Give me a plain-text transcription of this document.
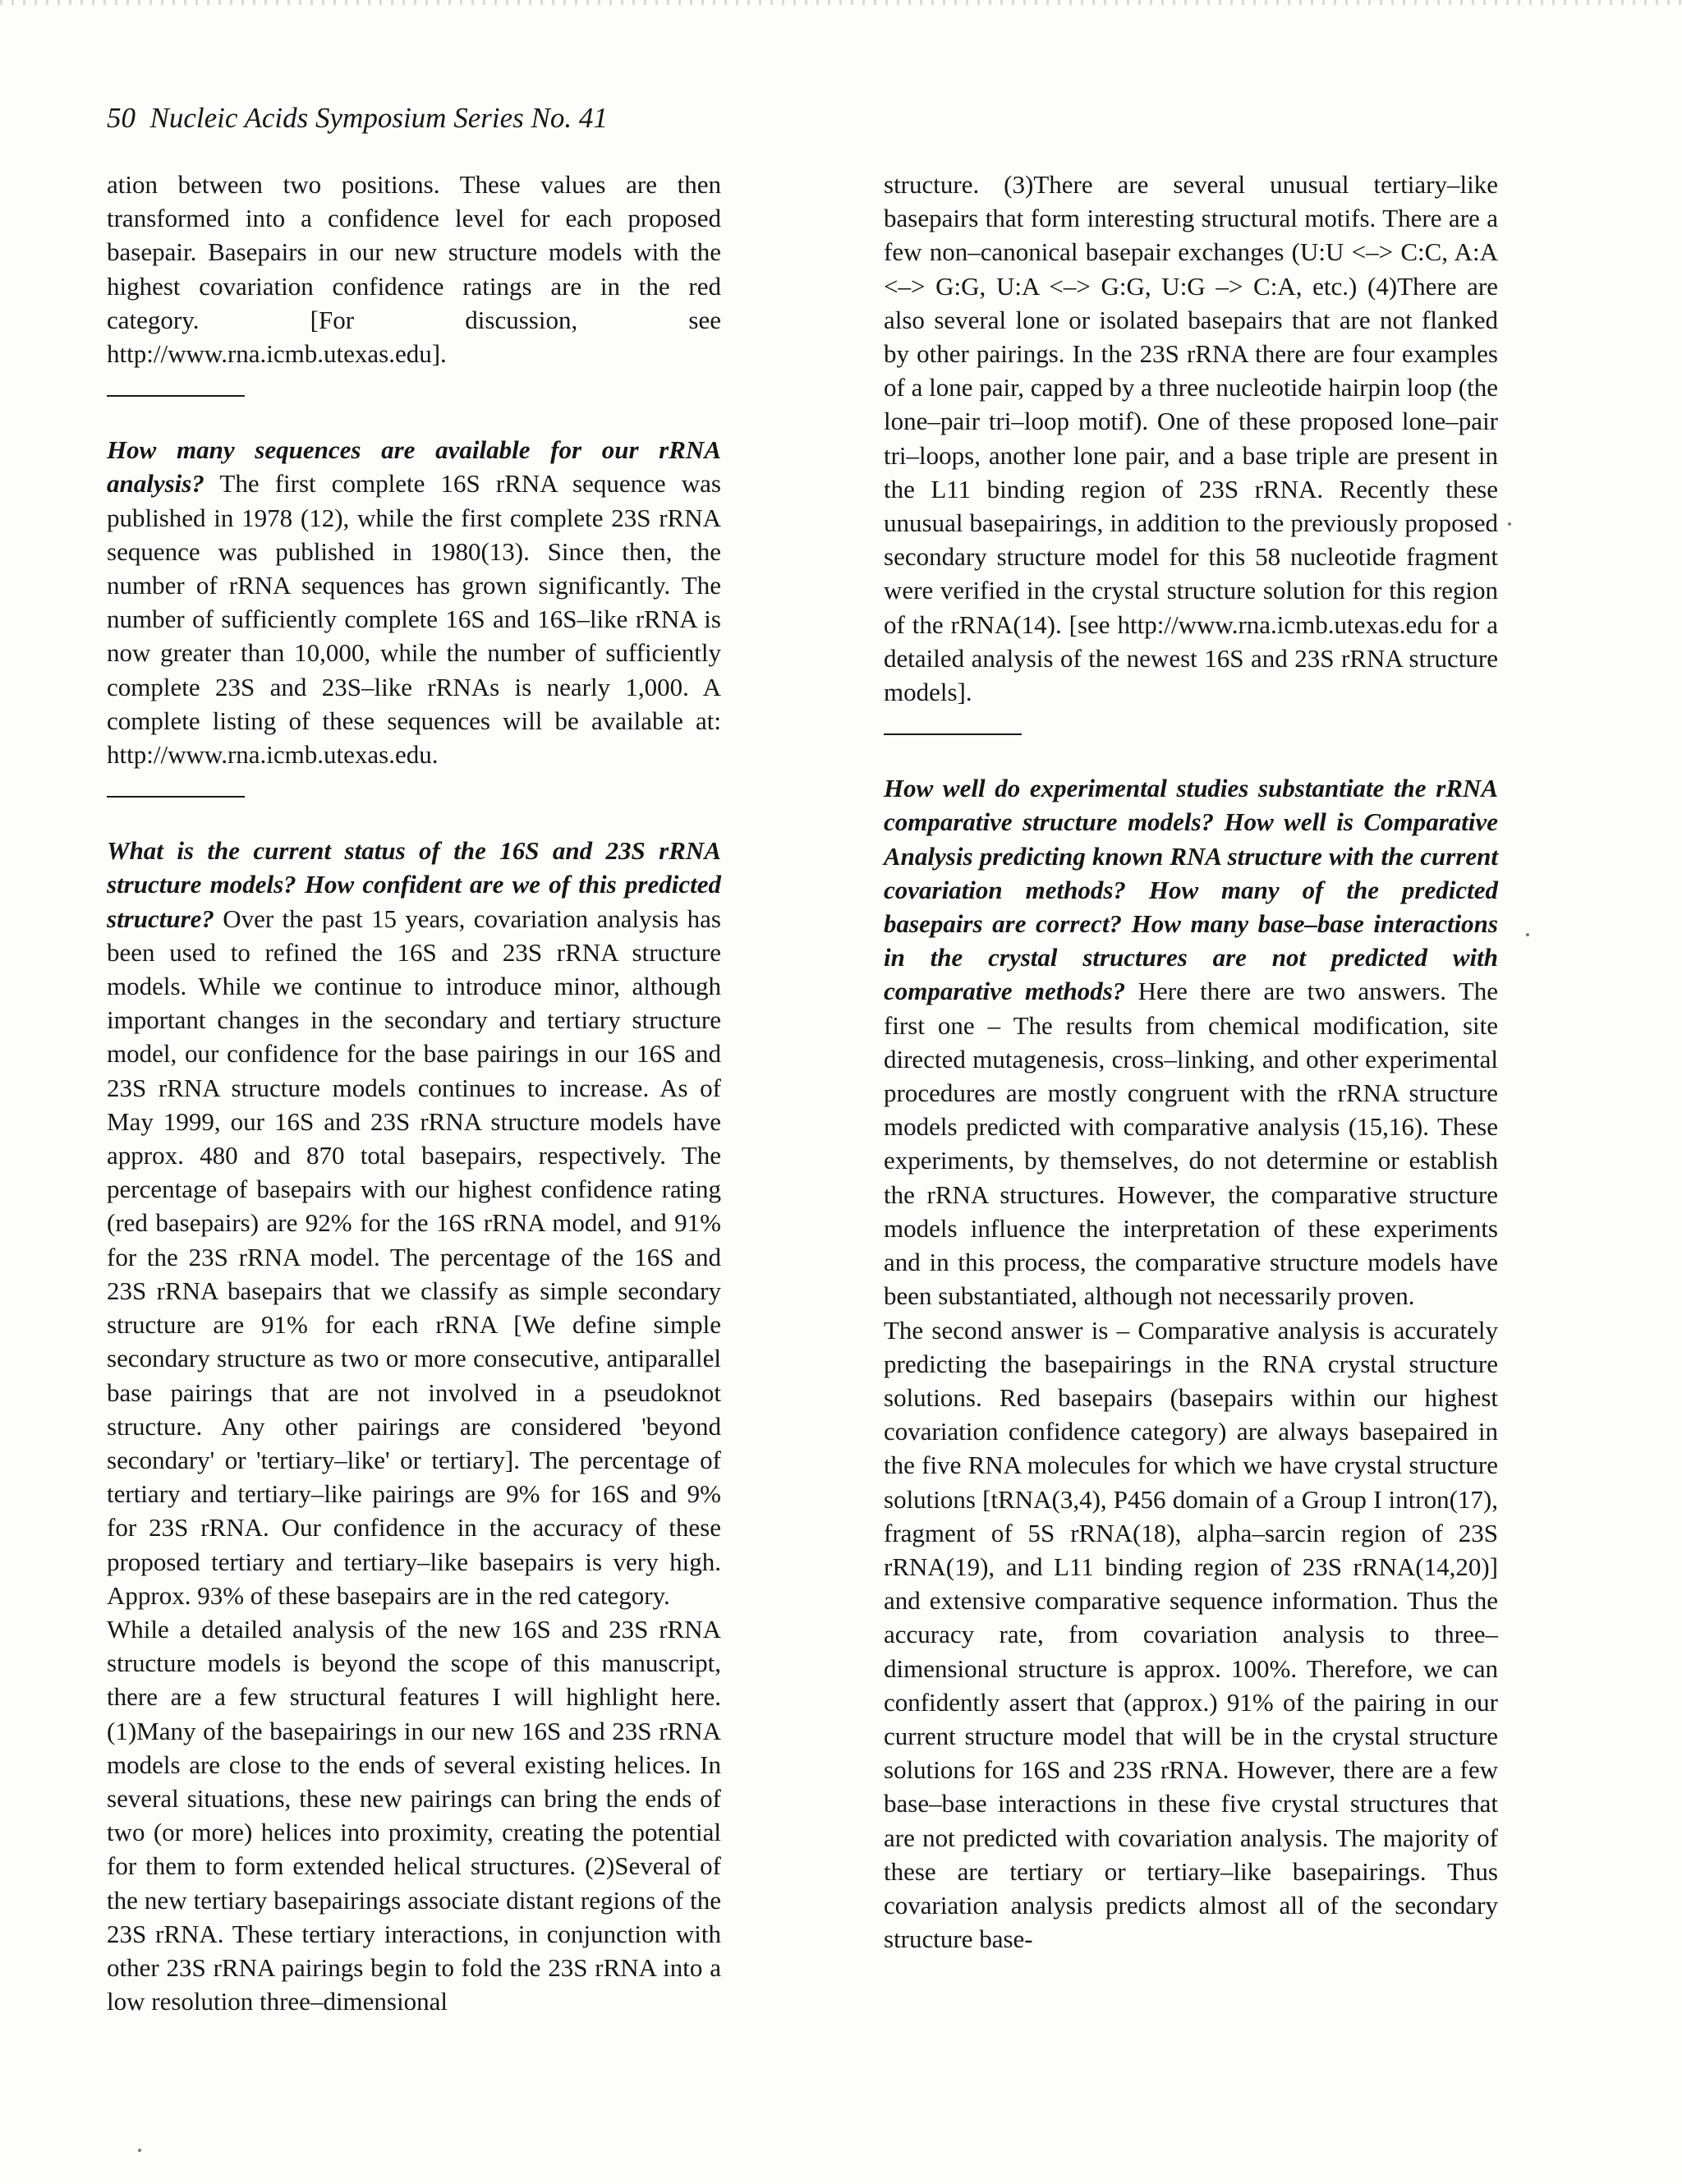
50 Nucleic Acids Symposium Series No. 41

ation between two positions. These values are then transformed into a confidence level for each proposed basepair. Basepairs in our new structure models with the highest covariation confidence ratings are in the red category. [For discussion, see http://www.rna.icmb.utexas.edu].

How many sequences are available for our rRNA analysis? The first complete 16S rRNA sequence was published in 1978 (12), while the first complete 23S rRNA sequence was published in 1980(13). Since then, the number of rRNA sequences has grown significantly. The number of sufficiently complete 16S and 16S–like rRNA is now greater than 10,000, while the number of sufficiently complete 23S and 23S–like rRNAs is nearly 1,000. A complete listing of these sequences will be available at: http://www.rna.icmb.utexas.edu.

What is the current status of the 16S and 23S rRNA structure models? How confident are we of this predicted structure? Over the past 15 years, covariation analysis has been used to refined the 16S and 23S rRNA structure models. While we continue to introduce minor, although important changes in the secondary and tertiary structure model, our confidence for the base pairings in our 16S and 23S rRNA structure models continues to increase. As of May 1999, our 16S and 23S rRNA structure models have approx. 480 and 870 total basepairs, respectively. The percentage of basepairs with our highest confidence rating (red basepairs) are 92% for the 16S rRNA model, and 91% for the 23S rRNA model. The percentage of the 16S and 23S rRNA basepairs that we classify as simple secondary structure are 91% for each rRNA [We define simple secondary structure as two or more consecutive, antiparallel base pairings that are not involved in a pseudoknot structure. Any other pairings are considered 'beyond secondary' or 'tertiary–like' or tertiary]. The percentage of tertiary and tertiary–like pairings are 9% for 16S and 9% for 23S rRNA. Our confidence in the accuracy of these proposed tertiary and tertiary–like basepairs is very high. Approx. 93% of these basepairs are in the red category.

While a detailed analysis of the new 16S and 23S rRNA structure models is beyond the scope of this manuscript, there are a few structural features I will highlight here. (1)Many of the basepairings in our new 16S and 23S rRNA models are close to the ends of several existing helices. In several situations, these new pairings can bring the ends of two (or more) helices into proximity, creating the potential for them to form extended helical structures. (2)Several of the new tertiary basepairings associate distant regions of the 23S rRNA. These tertiary interactions, in conjunction with other 23S rRNA pairings begin to fold the 23S rRNA into a low resolution three–dimensional

structure. (3)There are several unusual tertiary–like basepairs that form interesting structural motifs. There are a few non–canonical basepair exchanges (U:U <–> C:C, A:A <–> G:G, U:A <–> G:G, U:G –> C:A, etc.) (4)There are also several lone or isolated basepairs that are not flanked by other pairings. In the 23S rRNA there are four examples of a lone pair, capped by a three nucleotide hairpin loop (the lone–pair tri–loop motif). One of these proposed lone–pair tri–loops, another lone pair, and a base triple are present in the L11 binding region of 23S rRNA. Recently these unusual basepairings, in addition to the previously proposed secondary structure model for this 58 nucleotide fragment were verified in the crystal structure solution for this region of the rRNA(14). [see http://www.rna.icmb.utexas.edu for a detailed analysis of the newest 16S and 23S rRNA structure models].

How well do experimental studies substantiate the rRNA comparative structure models? How well is Comparative Analysis predicting known RNA structure with the current covariation methods? How many of the predicted basepairs are correct? How many base–base interactions in the crystal structures are not predicted with comparative methods? Here there are two answers. The first one – The results from chemical modification, site directed mutagenesis, cross–linking, and other experimental procedures are mostly congruent with the rRNA structure models predicted with comparative analysis (15,16). These experiments, by themselves, do not determine or establish the rRNA structures. However, the comparative structure models influence the interpretation of these experiments and in this process, the comparative structure models have been substantiated, although not necessarily proven.

The second answer is – Comparative analysis is accurately predicting the basepairings in the RNA crystal structure solutions. Red basepairs (basepairs within our highest covariation confidence category) are always basepaired in the five RNA molecules for which we have crystal structure solutions [tRNA(3,4), P456 domain of a Group I intron(17), fragment of 5S rRNA(18), alpha–sarcin region of 23S rRNA(19), and L11 binding region of 23S rRNA(14,20)] and extensive comparative sequence information. Thus the accuracy rate, from covariation analysis to three–dimensional structure is approx. 100%. Therefore, we can confidently assert that (approx.) 91% of the pairing in our current structure model that will be in the crystal structure solutions for 16S and 23S rRNA. However, there are a few base–base interactions in these five crystal structures that are not predicted with covariation analysis. The majority of these are tertiary or tertiary–like basepairings. Thus covariation analysis predicts almost all of the secondary structure base-
